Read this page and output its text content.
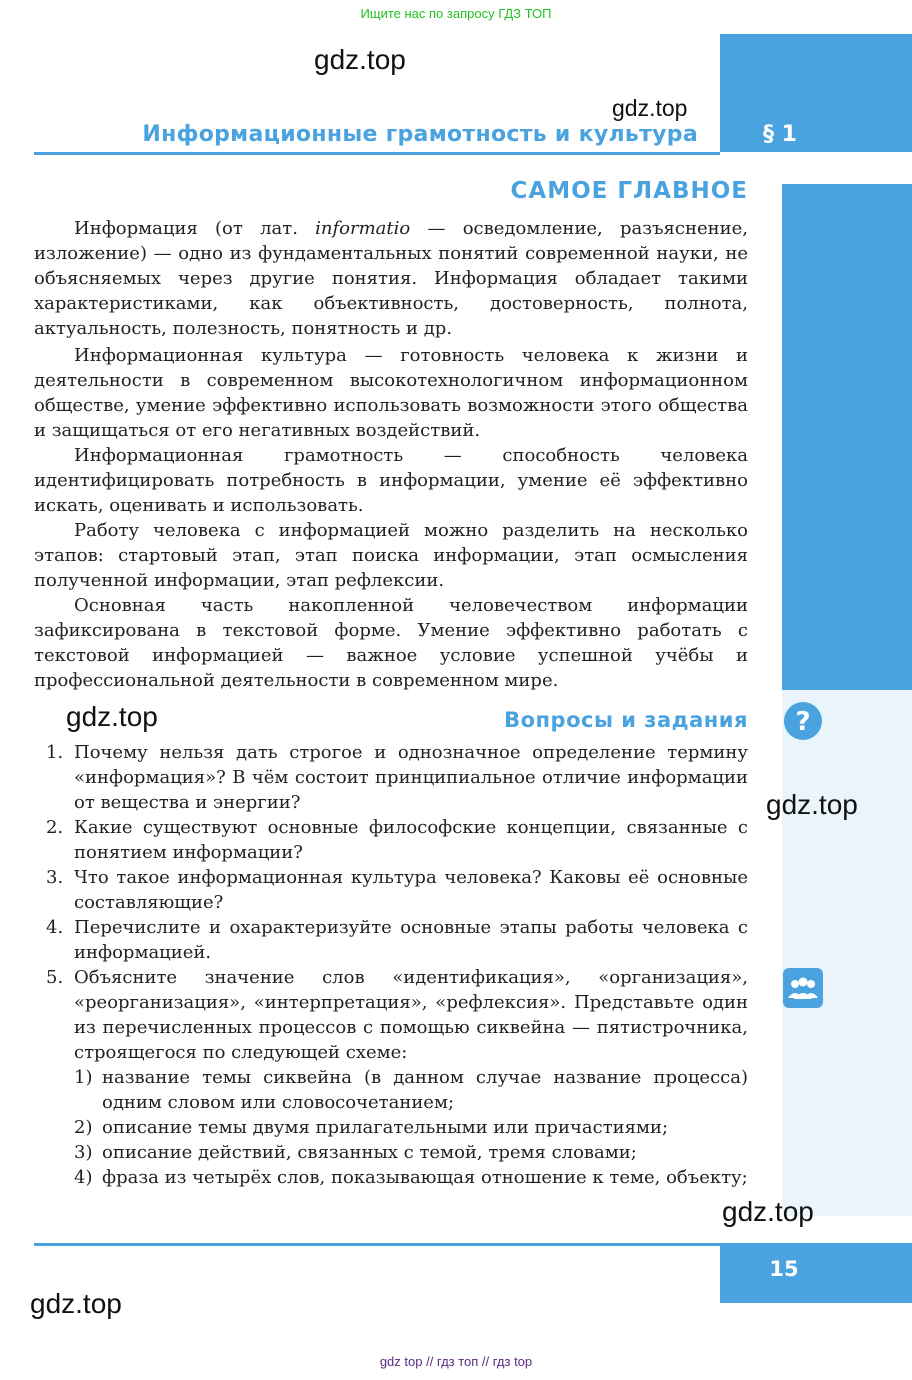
Ищите нас по запросу ГДЗ ТОП
§ 1
Информационные грамотность и культура
САМОЕ ГЛАВНОЕ

Информация (от лат. informatio — осведомление, разъяснение, изложение) — одно из фундаментальных понятий современной науки, не объясняемых через другие понятия. Информация обладает такими характеристиками, как объективность, достоверность, полнота, актуальность, полезность, понятность и др.

Информационная культура — готовность человека к жизни и деятельности в современном высокотехнологичном информационном обществе, умение эффективно использовать возможности этого общества и защищаться от его негативных воздействий.

Информационная грамотность — способность человека идентифицировать потребность в информации, умение её эффективно искать, оценивать и использовать.

Работу человека с информацией можно разделить на несколько этапов: стартовый этап, этап поиска информации, этап осмысления полученной информации, этап рефлексии.

Основная часть накопленной человечеством информации зафиксирована в текстовой форме. Умение эффективно работать с текстовой информацией — важное условие успешной учёбы и профессиональной деятельности в современном мире.

Вопросы и задания ?
1. Почему нельзя дать строгое и однозначное определение термину «информация»? В чём состоит принципиальное отличие информации от вещества и энергии?
2. Какие существуют основные философские концепции, связанные с понятием информации?
3. Что такое информационная культура человека? Каковы её основные составляющие?
4. Перечислите и охарактеризуйте основные этапы работы человека с информацией.
5. Объясните значение слов «идентификация», «организация», «реорганизация», «интерпретация», «рефлексия». Представьте один из перечисленных процессов с помощью сиквейна — пятистрочника, строящегося по следующей схеме:
1) название темы сиквейна (в данном случае название процесса) одним словом или словосочетанием;
2) описание темы двумя прилагательными или причастиями;
3) описание действий, связанных с темой, тремя словами;
4) фраза из четырёх слов, показывающая отношение к теме, объекту;
gdz.top
gdz.top
gdz.top
gdz.top
gdz.top
gdz.top
15
gdz top // гдз топ // гдз top
